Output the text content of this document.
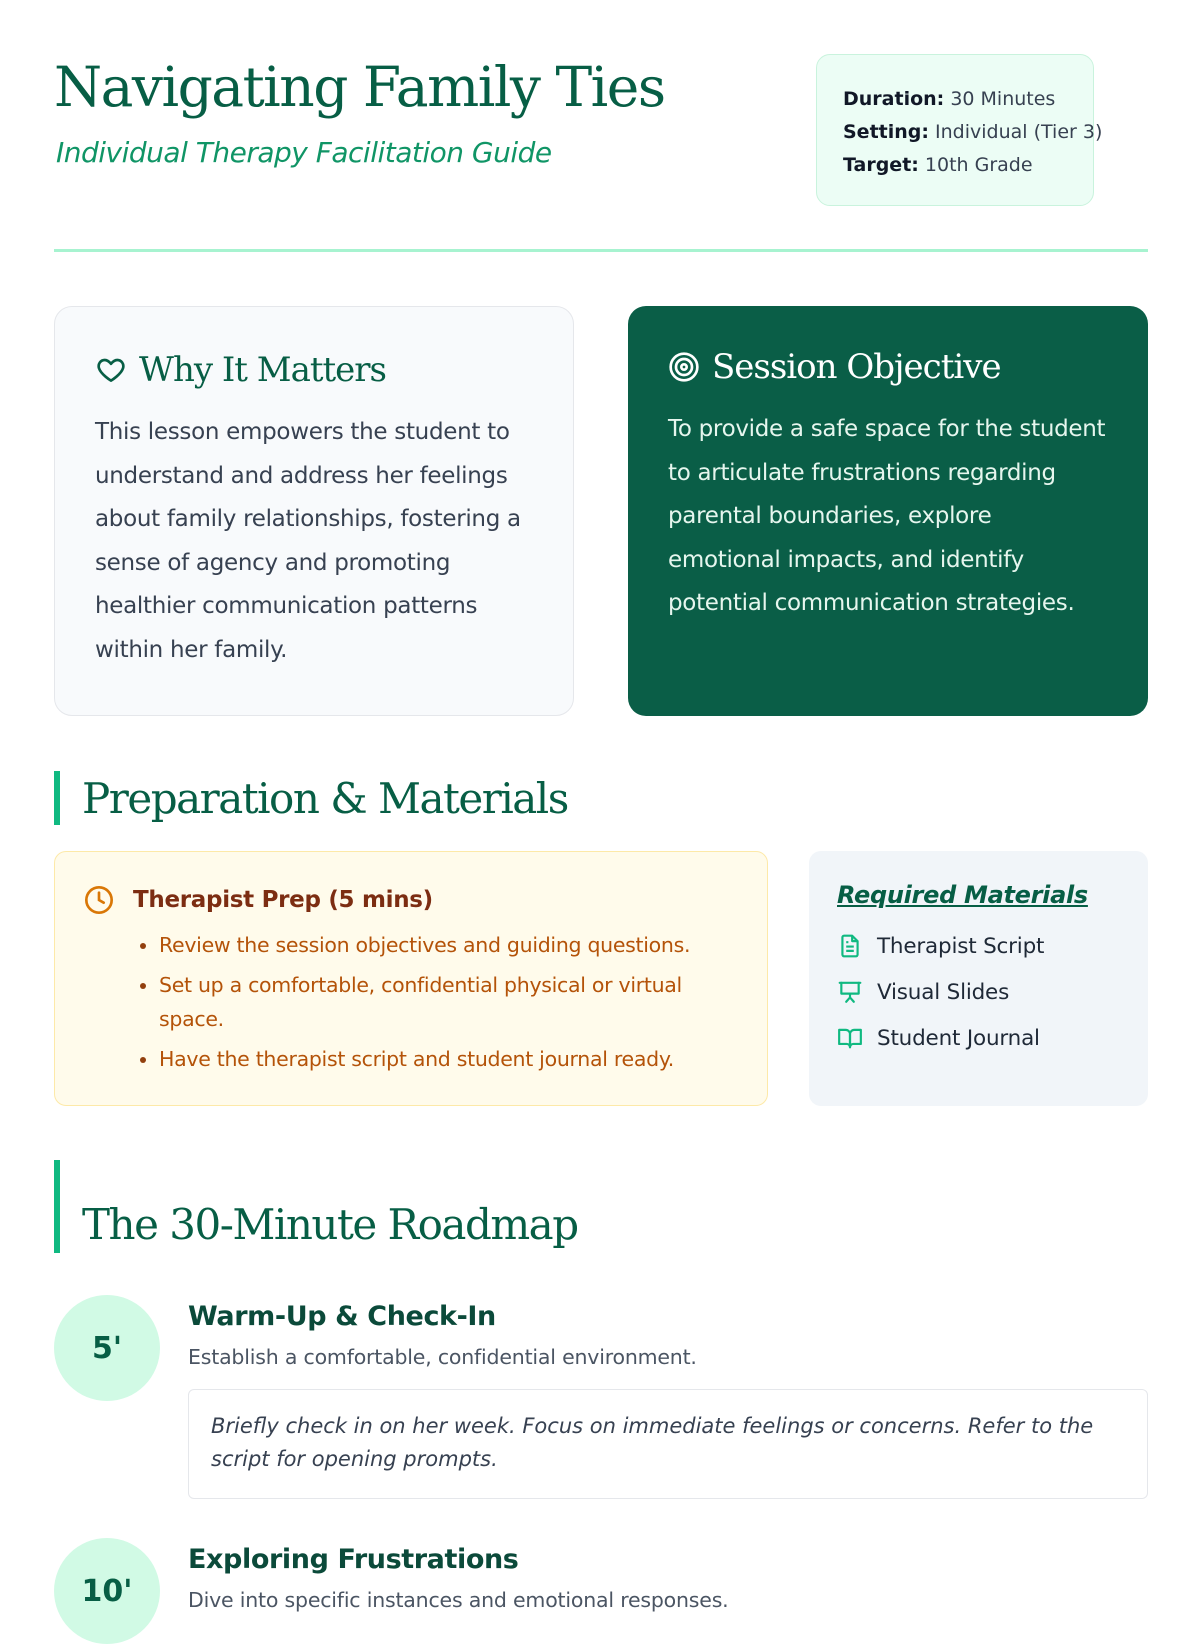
Navigating Family Ties
Individual Therapy Facilitation Guide
Duration: 30 Minutes
Setting: Individual (Tier 3)
Target: 10th Grade
Why It Matters
This lesson empowers the student to understand and address her feelings about family relationships, fostering a sense of agency and promoting healthier communication patterns within her family.
Session Objective
To provide a safe space for the student to articulate frustrations regarding parental boundaries, explore emotional impacts, and identify potential communication strategies.
Preparation & Materials
Therapist Prep (5 mins)
• Review the session objectives and guiding questions.
• Set up a comfortable, confidential physical or virtual space.
• Have the therapist script and student journal ready.
Required Materials
Therapist Script
Visual Slides
Student Journal
The 30-Minute Roadmap
5'
Warm-Up & Check-In
Establish a comfortable, confidential environment.
Briefly check in on her week. Focus on immediate feelings or concerns. Refer to the script for opening prompts.
10'
Exploring Frustrations
Dive into specific instances and emotional responses.
